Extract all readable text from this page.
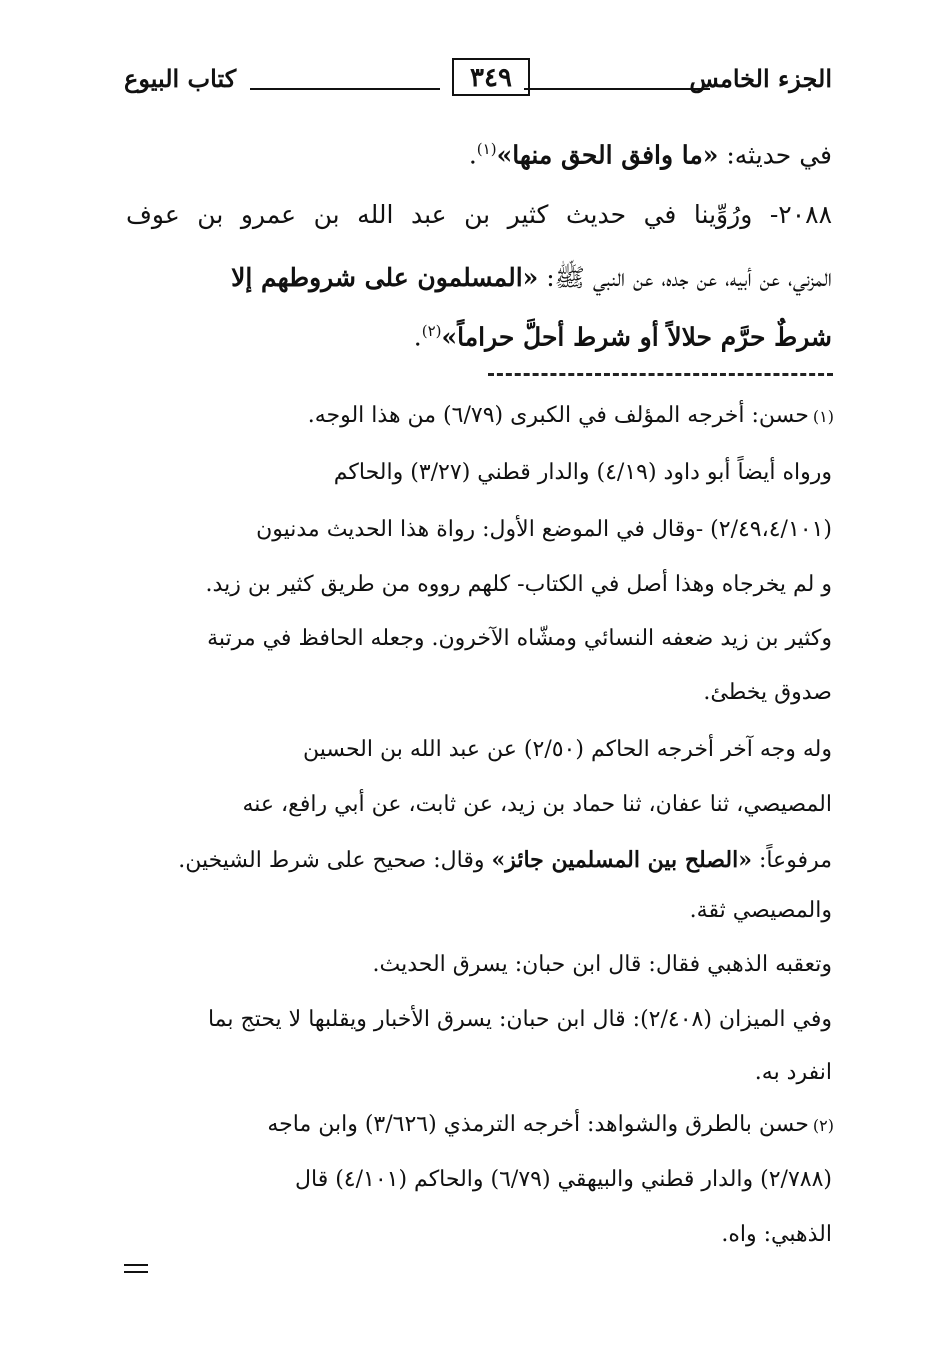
الجزء الخامس
٣٤٩
كتاب البيوع
في حديثه: «ما وافق الحق منها»$^{(١)}$.
٢٠٨٨- ورُوِّينا في حديث كثير بن عبد الله بن عمرو بن عوف
المزني، عن أبيه، عن جده، عن النبي ﷺ: «المسلمون على شروطهم إلا
شرطٌ حرَّم حلالاً أو شرط أحلَّ حراماً»$^{(٢)}$.
(١)حسن: أخرجه المؤلف في الكبرى (٦/٧٩) من هذا الوجه.
ورواه أيضاً أبو داود (٤/١٩) والدار قطني (٣/٢٧) والحاكم
(٢/٤٩،٤/١٠١) -وقال في الموضع الأول: رواة هذا الحديث مدنيون
و لم يخرجاه وهذا أصل في الكتاب- كلهم رووه من طريق كثير بن زيد.
وكثير بن زيد ضعفه النسائي ومشّاه الآخرون. وجعله الحافظ في مرتبة
صدوق يخطئ.
وله وجه آخر أخرجه الحاكم (٢/٥٠) عن عبد الله بن الحسين
المصيصي، ثنا عفان، ثنا حماد بن زيد، عن ثابت، عن أبي رافع، عنه
مرفوعاً: «الصلح بين المسلمين جائز» وقال: صحيح على شرط الشيخين.
والمصيصي ثقة.
وتعقبه الذهبي فقال: قال ابن حبان: يسرق الحديث.
وفي الميزان (٢/٤٠٨): قال ابن حبان: يسرق الأخبار ويقلبها لا يحتج بما
انفرد به.
(٢)حسن بالطرق والشواهد: أخرجه الترمذي (٣/٦٢٦) وابن ماجه
(٢/٧٨٨) والدار قطني والبيهقي (٦/٧٩) والحاكم (٤/١٠١) قال
الذهبي: واه.
